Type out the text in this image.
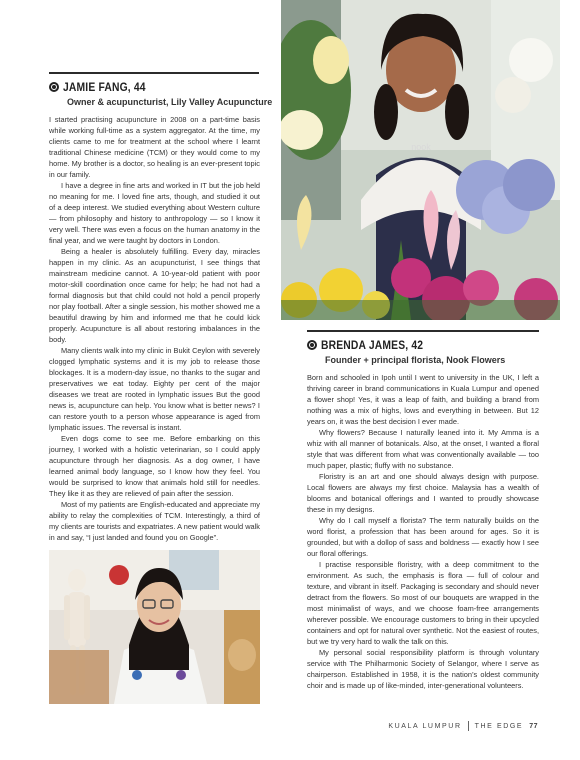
nook
JAMIE FANG, 44
Owner & acupuncturist, Lily Valley Acupuncture

I started practising acupuncture in 2008 on a part-time basis while working full-time as a system aggregator. At the time, my clients came to me for treatment at the school where I learnt traditional Chinese medicine (TCM) or they would come to my home. My brother is a doctor, so healing is an ever-present topic in our family.

I have a degree in fine arts and worked in IT but the job held no meaning for me. I loved fine arts, though, and studied it out of a deep interest. We studied everything about Western culture — from philosophy and history to anthropology — so I know it very well. There was even a focus on the human anatomy in the final year, and we were taught by doctors in London.

Being a healer is absolutely fulfilling. Every day, miracles happen in my clinic. As an acupuncturist, I see things that mainstream medicine cannot. A 10-year-old patient with poor motor-skill coordination once came for help; he had not had a formal diagnosis but that child could not hold a pencil properly nor play football. After a single session, his mother showed me a beautiful drawing by him and informed me that he could kick properly. Acupuncture is all about restoring imbalances in the body.

Many clients walk into my clinic in Bukit Ceylon with severely clogged lymphatic systems and it is my job to release those blockages. It is a modern-day issue, no thanks to the sugar and preservatives we eat today. Eighty per cent of the major diseases we treat are rooted in lymphatic issues But the good news is, acupuncture can help. You know what is better news? I can restore youth to a person whose appearance is aged from lymphatic issues. The reversal is instant.

Even dogs come to see me. Before embarking on this journey, I worked with a holistic veterinarian, so I could apply acupuncture through her diagnosis. As a dog owner, I have learned animal body language, so I know how they feel. You would be surprised to know that animals hold still for needles. They like it as they are relieved of pain after the session.

Most of my patients are English-educated and appreciate my ability to relay the complexities of TCM. Interestingly, a third of my clients are tourists and expatriates. A new patient would walk in and say, “I just landed and found you on Google”.

BRENDA JAMES, 42
Founder + principal florista, Nook Flowers

Born and schooled in Ipoh until I went to university in the UK, I left a thriving career in brand communications in Kuala Lumpur and opened a flower shop! Yes, it was a leap of faith, and building a brand from nothing was a mix of highs, lows and everything in between. But 12 years on, it was the best decision I ever made.

Why flowers? Because I naturally leaned into it. My Amma is a whiz with all manner of botanicals. Also, at the onset, I wanted a floral style that was different from what was conventionally available — too much paper, plastic; fluffy with no substance.

Floristry is an art and one should always design with purpose. Local flowers are always my first choice. Malaysia has a wealth of blooms and botanical offerings and I wanted to proudly showcase these in my designs.

Why do I call myself a florista? The term naturally builds on the word florist, a profession that has been around for ages. So it is grounded, but with a dollop of sass and boldness — exactly how I see our floral offerings.

I practise responsible floristry, with a deep commitment to the environment. As such, the emphasis is flora — full of colour and texture, and vibrant in itself. Packaging is secondary and should never detract from the flowers. So most of our bouquets are wrapped in the most minimalist of ways, and we choose foam-free arrangements wherever possible. We encourage customers to bring in their upcycled containers and opt for natural over synthetic. Not the easiest of routes, but we try very hard to walk the talk on this.

My personal social responsibility platform is through voluntary service with The Philharmonic Society of Selangor, where I serve as chairperson. Established in 1958, it is the nation’s oldest community choir and is made up of like-minded, inter-generational volunteers.

KUALA LUMPUR THE EDGE 77
